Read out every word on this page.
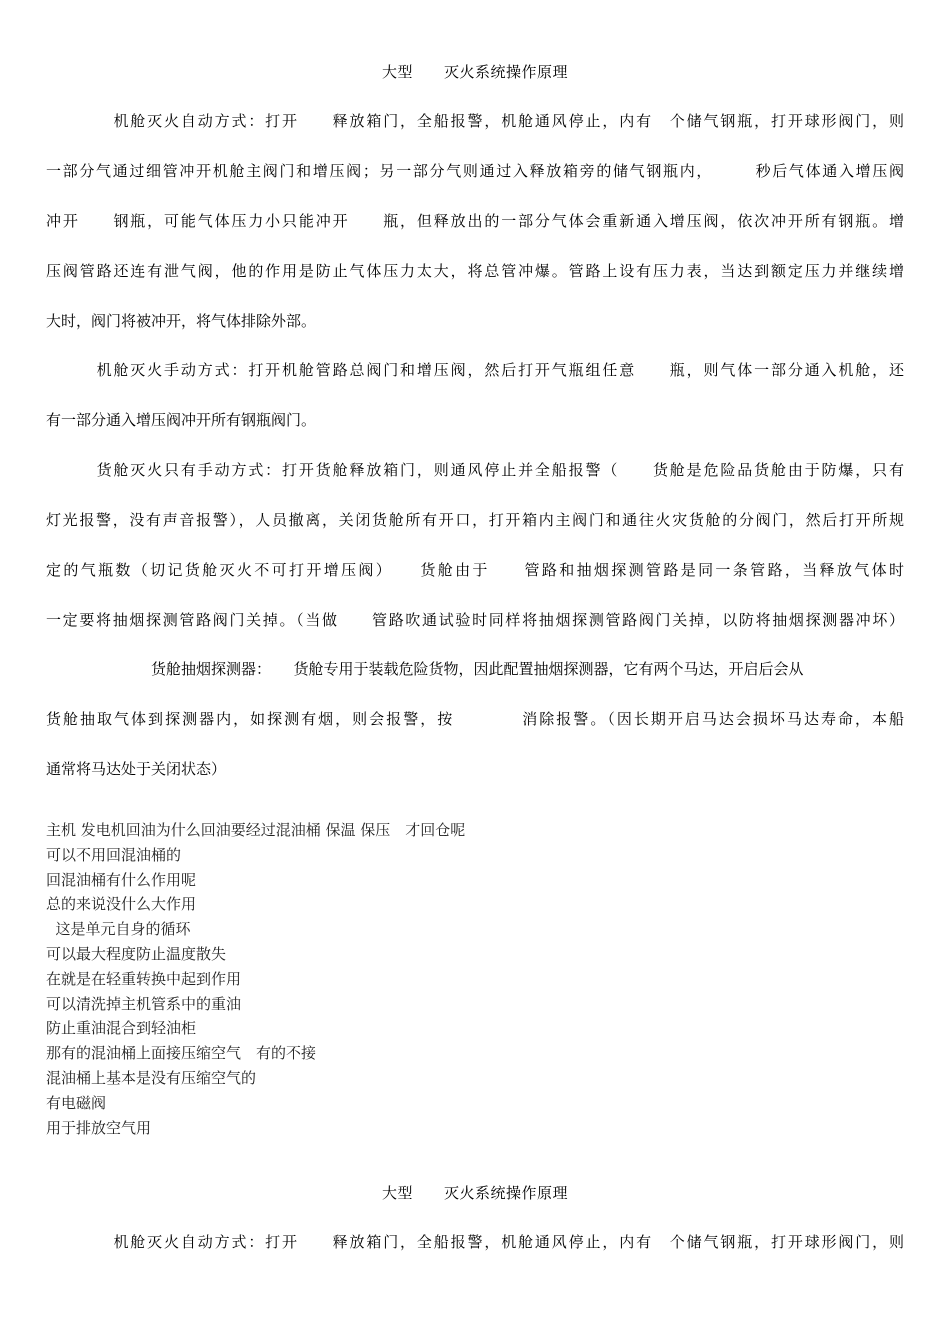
大型　　灭火系统操作原理
　　　　机舱灭火自动方式：打开　　释放箱门，全船报警，机舱通风停止，内有　个储气钢瓶，打开球形阀门，则
一部分气通过细管冲开机舱主阀门和增压阀；另一部分气则通过入释放箱旁的储气钢瓶内，　　　秒后气体通入增压阀
冲开　　钢瓶，可能气体压力小只能冲开　　瓶，但释放出的一部分气体会重新通入增压阀，依次冲开所有钢瓶。增
压阀管路还连有泄气阀，他的作用是防止气体压力太大，将总管冲爆。管路上设有压力表，当达到额定压力并继续增
大时，阀门将被冲开，将气体排除外部。
　　　机舱灭火手动方式：打开机舱管路总阀门和增压阀，然后打开气瓶组任意　　瓶，则气体一部分通入机舱，还
有一部分通入增压阀冲开所有钢瓶阀门。
　　　货舱灭火只有手动方式：打开货舱释放箱门，则通风停止并全船报警（　　货舱是危险品货舱由于防爆，只有
灯光报警，没有声音报警），人员撤离，关闭货舱所有开口，打开箱内主阀门和通往火灾货舱的分阀门，然后打开所规
定的气瓶数（切记货舱灭火不可打开增压阀）　　货舱由于　　管路和抽烟探测管路是同一条管路，当释放气体时
一定要将抽烟探测管路阀门关掉。（当做　　管路吹通试验时同样将抽烟探测管路阀门关掉，以防将抽烟探测器冲坏）
　　　　　　　货舱抽烟探测器：　　货舱专用于装载危险货物，因此配置抽烟探测器，它有两个马达，开启后会从
货舱抽取气体到探测器内，如探测有烟，则会报警，按　　　　消除报警。（因长期开启马达会损坏马达寿命，本船
通常将马达处于关闭状态）
主机 发电机回油为什么回油要经过混油桶 保温 保压　才回仓呢
可以不用回混油桶的
回混油桶有什么作用呢
总的来说没什么大作用
这是单元自身的循环
可以最大程度防止温度散失
在就是在轻重转换中起到作用
可以清洗掉主机管系中的重油
防止重油混合到轻油柜
那有的混油桶上面接压缩空气　有的不接
混油桶上基本是没有压缩空气的
有电磁阀
用于排放空气用
大型　　灭火系统操作原理
　　　　机舱灭火自动方式：打开　　释放箱门，全船报警，机舱通风停止，内有　个储气钢瓶，打开球形阀门，则
